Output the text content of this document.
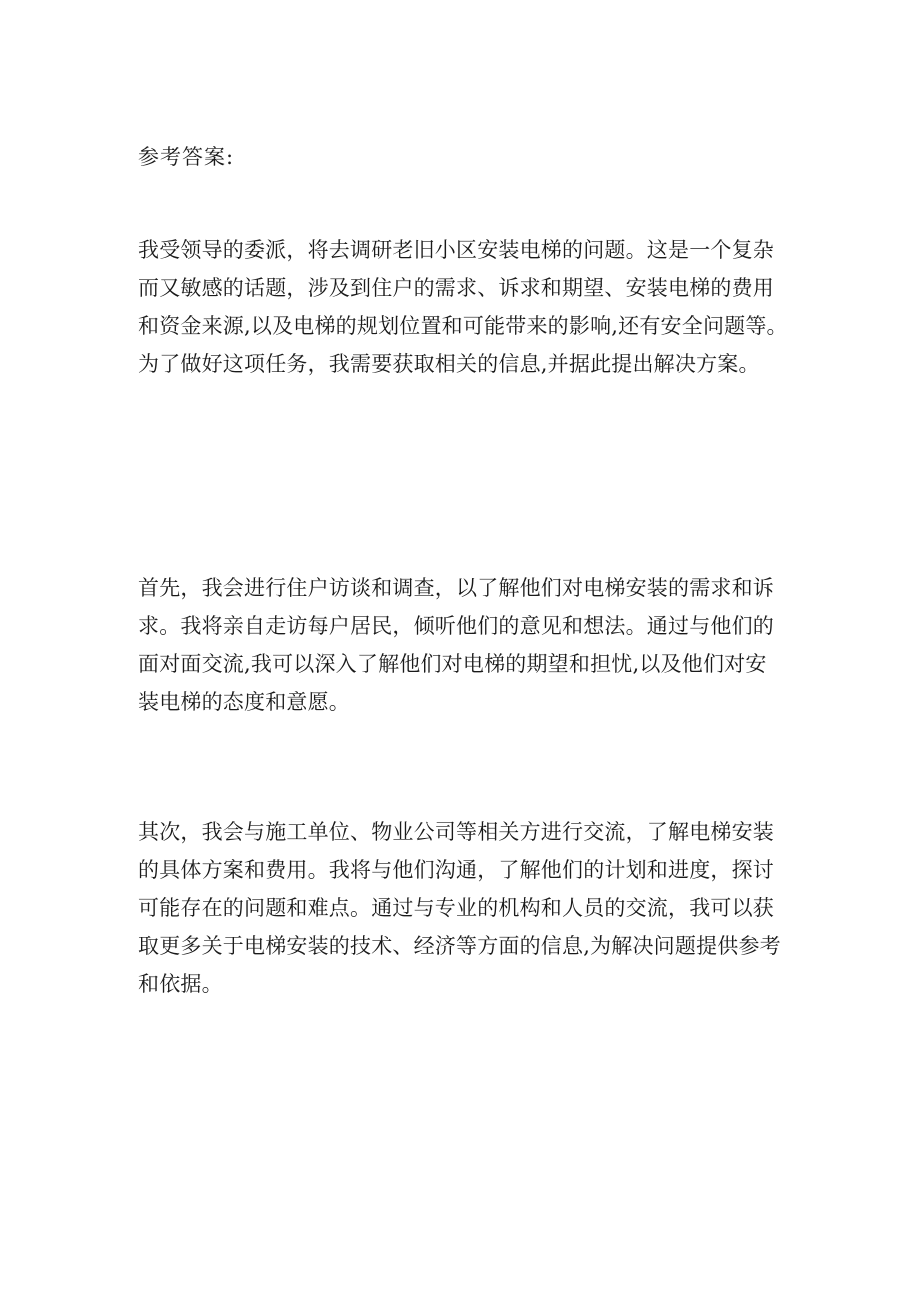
参考答案:
我受领导的委派，将去调研老旧小区安装电梯的问题。这是一个复杂
而又敏感的话题，涉及到住户的需求、诉求和期望、安装电梯的费用
和资金来源,以及电梯的规划位置和可能带来的影响,还有安全问题等。
为了做好这项任务，我需要获取相关的信息,并据此提出解决方案。
首先，我会进行住户访谈和调查，以了解他们对电梯安装的需求和诉
求。我将亲自走访每户居民，倾听他们的意见和想法。通过与他们的
面对面交流,我可以深入了解他们对电梯的期望和担忧,以及他们对安
装电梯的态度和意愿。
其次，我会与施工单位、物业公司等相关方进行交流，了解电梯安装
的具体方案和费用。我将与他们沟通，了解他们的计划和进度，探讨
可能存在的问题和难点。通过与专业的机构和人员的交流，我可以获
取更多关于电梯安装的技术、经济等方面的信息,为解决问题提供参考
和依据。
